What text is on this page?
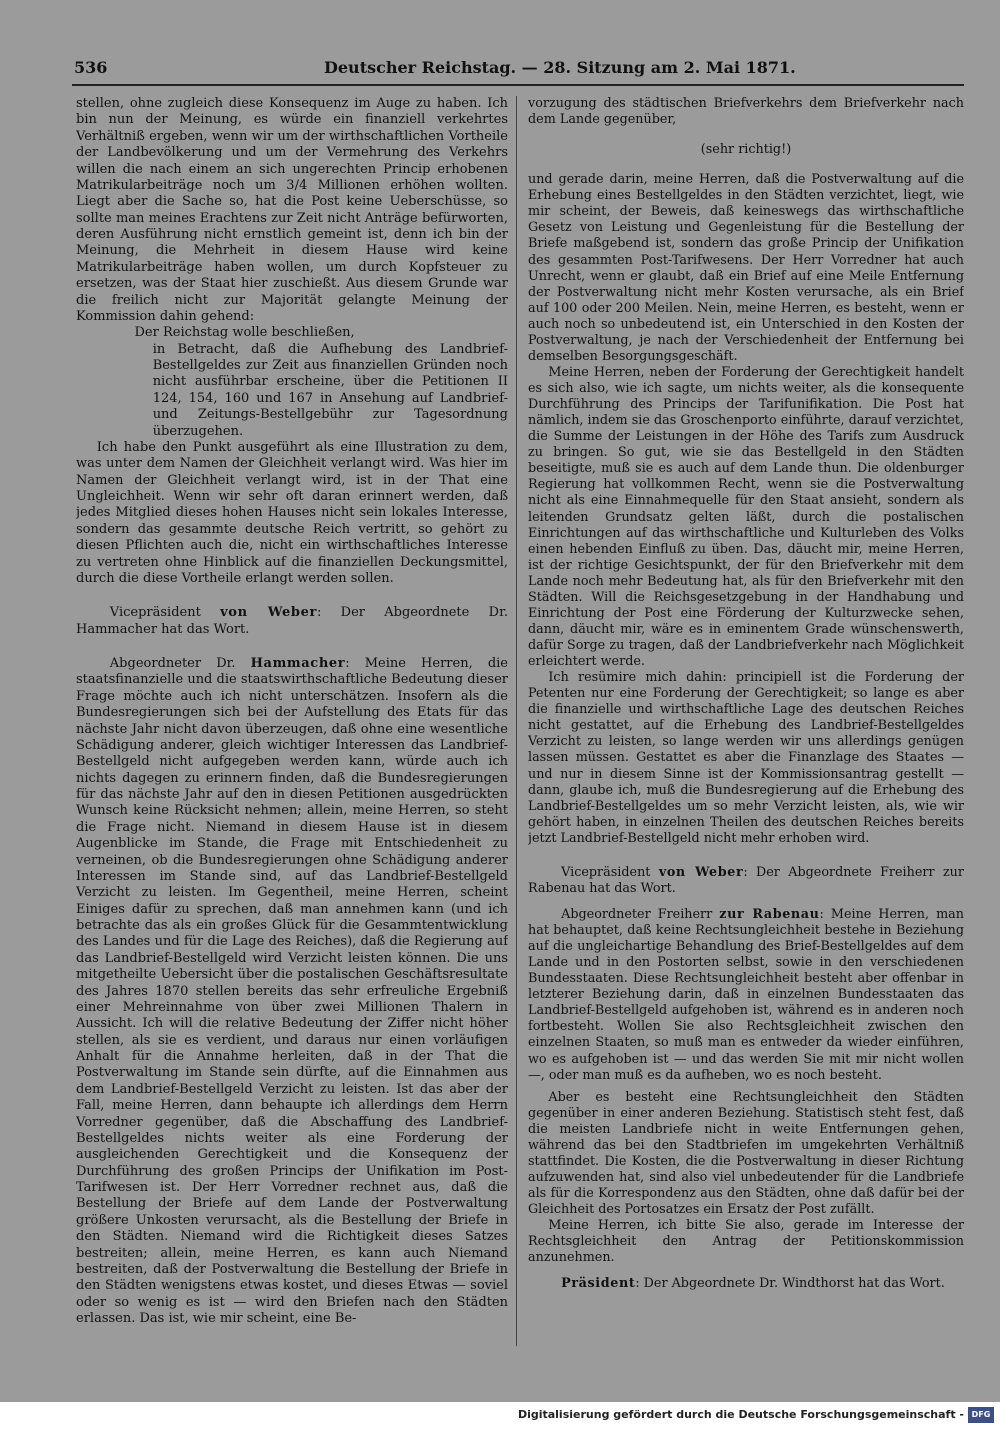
536	Deutscher Reichstag. — 28. Sitzung am 2. Mai 1871.

stellen, ohne zugleich diese Konsequenz im Auge zu haben. Ich bin nun der Meinung, es würde ein finanziell verkehrtes Verhältniß ergeben, wenn wir um der wirthschaftlichen Vortheile der Landbevölkerung und um der Vermehrung des Verkehrs willen die nach einem an sich ungerechten Princip erhobenen Matrikularbeiträge noch um 3/4 Millionen erhöhen wollten. Liegt aber die Sache so, hat die Post keine Ueberschüsse, so sollte man meines Erachtens zur Zeit nicht Anträge befürworten, deren Ausführung nicht ernstlich gemeint ist, denn ich bin der Meinung, die Mehrheit in diesem Hause wird keine Matrikularbeiträge haben wollen, um durch Kopfsteuer zu ersetzen, was der Staat hier zuschießt. Aus diesem Grunde war die freilich nicht zur Majorität gelangte Meinung der Kommission dahin gehend:

Der Reichstag wolle beschließen,

in Betracht, daß die Aufhebung des Landbrief-Bestellgeldes zur Zeit aus finanziellen Gründen noch nicht ausführbar erscheine, über die Petitionen II 124, 154, 160 und 167 in Ansehung auf Landbrief- und Zeitungs-Bestellgebühr zur Tagesordnung überzugehen.

Ich habe den Punkt ausgeführt als eine Illustration zu dem, was unter dem Namen der Gleichheit verlangt wird. Was hier im Namen der Gleichheit verlangt wird, ist in der That eine Ungleichheit. Wenn wir sehr oft daran erinnert werden, daß jedes Mitglied dieses hohen Hauses nicht sein lokales Interesse, sondern das gesammte deutsche Reich vertritt, so gehört zu diesen Pflichten auch die, nicht ein wirthschaftliches Interesse zu vertreten ohne Hinblick auf die finanziellen Deckungsmittel, durch die diese Vortheile erlangt werden sollen.

Vicepräsident von Weber: Der Abgeordnete Dr. Hammacher hat das Wort.

Abgeordneter Dr. Hammacher: Meine Herren, die staatsfinanzielle und die staatswirthschaftliche Bedeutung dieser Frage möchte auch ich nicht unterschätzen. Insofern als die Bundesregierungen sich bei der Aufstellung des Etats für das nächste Jahr nicht davon überzeugen, daß ohne eine wesentliche Schädigung anderer, gleich wichtiger Interessen das Landbrief-Bestellgeld nicht aufgegeben werden kann, würde auch ich nichts dagegen zu erinnern finden, daß die Bundesregierungen für das nächste Jahr auf den in diesen Petitionen ausgedrückten Wunsch keine Rücksicht nehmen; allein, meine Herren, so steht die Frage nicht. Niemand in diesem Hause ist in diesem Augenblicke im Stande, die Frage mit Entschiedenheit zu verneinen, ob die Bundesregierungen ohne Schädigung anderer Interessen im Stande sind, auf das Landbrief-Bestellgeld Verzicht zu leisten. Im Gegentheil, meine Herren, scheint Einiges dafür zu sprechen, daß man annehmen kann (und ich betrachte das als ein großes Glück für die Gesammtentwicklung des Landes und für die Lage des Reiches), daß die Regierung auf das Landbrief-Bestellgeld wird Verzicht leisten können. Die uns mitgetheilte Uebersicht über die postalischen Geschäftsresultate des Jahres 1870 stellen bereits das sehr erfreuliche Ergebniß einer Mehreinnahme von über zwei Millionen Thalern in Aussicht. Ich will die relative Bedeutung der Ziffer nicht höher stellen, als sie es verdient, und daraus nur einen vorläufigen Anhalt für die Annahme herleiten, daß in der That die Postverwaltung im Stande sein dürfte, auf die Einnahmen aus dem Landbrief-Bestellgeld Verzicht zu leisten. Ist das aber der Fall, meine Herren, dann behaupte ich allerdings dem Herrn Vorredner gegenüber, daß die Abschaffung des Landbrief-Bestellgeldes nichts weiter als eine Forderung der ausgleichenden Gerechtigkeit und die Konsequenz der Durchführung des großen Princips der Unifikation im Post-Tarifwesen ist. Der Herr Vorredner rechnet aus, daß die Bestellung der Briefe auf dem Lande der Postverwaltung größere Unkosten verursacht, als die Bestellung der Briefe in den Städten. Niemand wird die Richtigkeit dieses Satzes bestreiten; allein, meine Herren, es kann auch Niemand bestreiten, daß der Postverwaltung die Bestellung der Briefe in den Städten wenigstens etwas kostet, und dieses Etwas — soviel oder so wenig es ist — wird den Briefen nach den Städten erlassen. Das ist, wie mir scheint, eine Be-

vorzugung des städtischen Briefverkehrs dem Briefverkehr nach dem Lande gegenüber,

(sehr richtig!)

und gerade darin, meine Herren, daß die Postverwaltung auf die Erhebung eines Bestellgeldes in den Städten verzichtet, liegt, wie mir scheint, der Beweis, daß keineswegs das wirthschaftliche Gesetz von Leistung und Gegenleistung für die Bestellung der Briefe maßgebend ist, sondern das große Princip der Unifikation des gesammten Post-Tarifwesens. Der Herr Vorredner hat auch Unrecht, wenn er glaubt, daß ein Brief auf eine Meile Entfernung der Postverwaltung nicht mehr Kosten verursache, als ein Brief auf 100 oder 200 Meilen. Nein, meine Herren, es besteht, wenn er auch noch so unbedeutend ist, ein Unterschied in den Kosten der Postverwaltung, je nach der Verschiedenheit der Entfernung bei demselben Besorgungsgeschäft.

Meine Herren, neben der Forderung der Gerechtigkeit handelt es sich also, wie ich sagte, um nichts weiter, als die konsequente Durchführung des Princips der Tarifunifikation. Die Post hat nämlich, indem sie das Groschenporto einführte, darauf verzichtet, die Summe der Leistungen in der Höhe des Tarifs zum Ausdruck zu bringen. So gut, wie sie das Bestellgeld in den Städten beseitigte, muß sie es auch auf dem Lande thun. Die oldenburger Regierung hat vollkommen Recht, wenn sie die Postverwaltung nicht als eine Einnahmequelle für den Staat ansieht, sondern als leitenden Grundsatz gelten läßt, durch die postalischen Einrichtungen auf das wirthschaftliche und Kulturleben des Volks einen hebenden Einfluß zu üben. Das, däucht mir, meine Herren, ist der richtige Gesichtspunkt, der für den Briefverkehr mit dem Lande noch mehr Bedeutung hat, als für den Briefverkehr mit den Städten. Will die Reichsgesetzgebung in der Handhabung und Einrichtung der Post eine Förderung der Kulturzwecke sehen, dann, däucht mir, wäre es in eminentem Grade wünschenswerth, dafür Sorge zu tragen, daß der Landbriefverkehr nach Möglichkeit erleichtert werde.

Ich resümire mich dahin: principiell ist die Forderung der Petenten nur eine Forderung der Gerechtigkeit; so lange es aber die finanzielle und wirthschaftliche Lage des deutschen Reiches nicht gestattet, auf die Erhebung des Landbrief-Bestellgeldes Verzicht zu leisten, so lange werden wir uns allerdings genügen lassen müssen. Gestattet es aber die Finanzlage des Staates — und nur in diesem Sinne ist der Kommissionsantrag gestellt — dann, glaube ich, muß die Bundesregierung auf die Erhebung des Landbrief-Bestellgeldes um so mehr Verzicht leisten, als, wie wir gehört haben, in einzelnen Theilen des deutschen Reiches bereits jetzt Landbrief-Bestellgeld nicht mehr erhoben wird.

Vicepräsident von Weber: Der Abgeordnete Freiherr zur Rabenau hat das Wort.

Abgeordneter Freiherr zur Rabenau: Meine Herren, man hat behauptet, daß keine Rechtsungleichheit bestehe in Beziehung auf die ungleichartige Behandlung des Brief-Bestellgeldes auf dem Lande und in den Postorten selbst, sowie in den verschiedenen Bundesstaaten. Diese Rechtsungleichheit besteht aber offenbar in letzterer Beziehung darin, daß in einzelnen Bundesstaaten das Landbrief-Bestellgeld aufgehoben ist, während es in anderen noch fortbesteht. Wollen Sie also Rechtsgleichheit zwischen den einzelnen Staaten, so muß man es entweder da wieder einführen, wo es aufgehoben ist — und das werden Sie mit mir nicht wollen —, oder man muß es da aufheben, wo es noch besteht.

Aber es besteht eine Rechtsungleichheit den Städten gegenüber in einer anderen Beziehung. Statistisch steht fest, daß die meisten Landbriefe nicht in weite Entfernungen gehen, während das bei den Stadtbriefen im umgekehrten Verhältniß stattfindet. Die Kosten, die die Postverwaltung in dieser Richtung aufzuwenden hat, sind also viel unbedeutender für die Landbriefe als für die Korrespondenz aus den Städten, ohne daß dafür bei der Gleichheit des Portosatzes ein Ersatz der Post zufällt.

Meine Herren, ich bitte Sie also, gerade im Interesse der Rechtsgleichheit den Antrag der Petitionskommission anzunehmen.

Präsident: Der Abgeordnete Dr. Windthorst hat das Wort.

Digitalisierung gefördert durch die Deutsche Forschungsgemeinschaft - DFG
